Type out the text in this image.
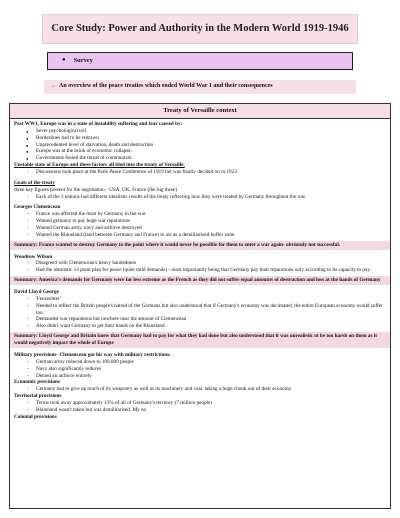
Core Study: Power and Authority in the Modern World 1919-1946
● Survey
→ An overview of the peace treaties which ended World War 1 and their consequences
Treaty of Versaille context
Post WW1, Europe was in a state of instability suffering and fear caused by:
● Sever psychological toll
● Borderlines had to be redrawn
● Unprecedented level of starvation, death and destruction
● Europe was at the brink of economic collapse.
● Governments feared the threat of communism.
Unstable state of Europe and these factors all bled into the treaty of Versaille.
- Discussions took place at the Paris Peace Conference of 1919 but was finally decided on in 1923.
Goals of the treaty
three key figures present for the negotiation - USA, UK, France (the big three)
- Each of the 3 nations had different idealistic results of the treaty reflecting how they were treated by Germany throughout the war.
Georges Clemenceau
- France was affected the most by Germany in the war
- Wanted germany to pay huge war reparations
- Wanted German army, navy and airforce destroyed
- Wanted the Rhineland (land between Germany and France) to act as a demilitarised buffer zone.
Summary: France wanted to destroy Germany to the point where it would never be possible for them to enter a war again- obviously not successful.
Woodrow Wilson
- Disagreed with Clemenceau's heavy handedness
- Had the idealistic 14 point plan for peace (quite mild demands) - most importantly being that Germany pay their reparations only according to its capacity to pay.
Summary: America's demands for Germany were far less extreme as the French as they did not suffer equal amounts of destruction and loss at the hands of Germany
David Lloyd George
- 'Fencesitter'
- Needed to reflect the British people's hatred of the Germans but also understood that if Germany's economy was decimated, the entire European economy would suffer too.
- Demanded war reparations but nowhere near the amount of Clemenceau
- Also didn't want Germany to get their hands on the Rhineland.
Summary: Lloyd George and Britain knew that Germany had to pay for what they had done but also understood that it was unrealistic ot be too harsh on them as it would negatively impact the whole of Europe
Military provisions- Clemenceau got his way with military restrictions:
- German army reduced down to 100,000 people
- Navy also significantly reduces
- Denied an airforce entirely
Economic provisions
- Germany had to give up much of its weaponry as well as its machinery and coal, taking a huge chunk out of their economy.
Territorial provisions
- Terms took away approximately 13% of all of Germany's territory (7 million people)
- Rhineland wasn't taken but was demilitarised. My no
Colonial provisions
